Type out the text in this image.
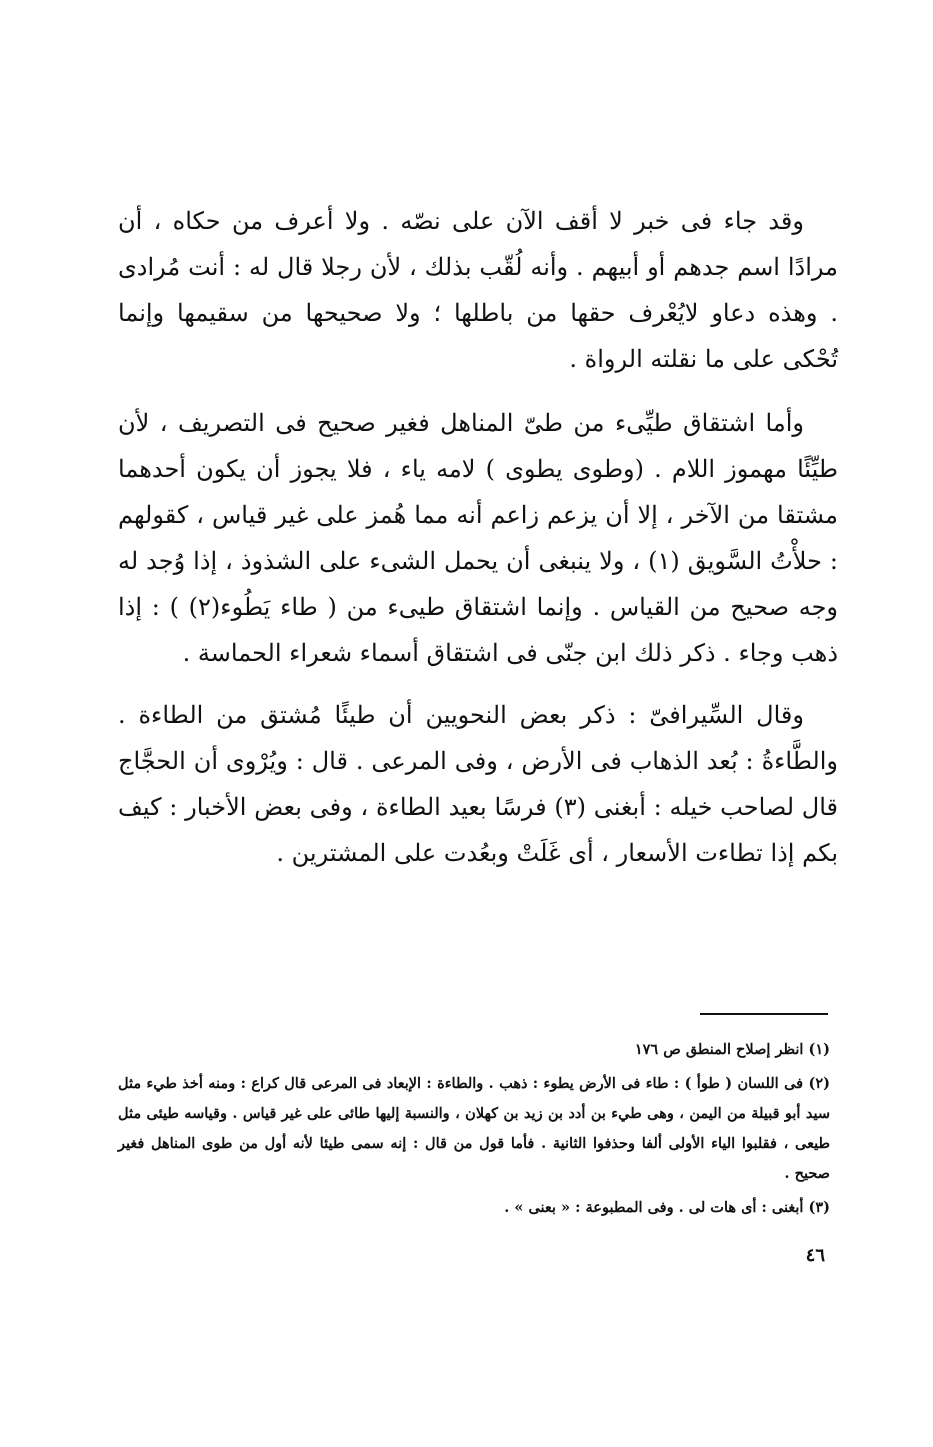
وقد جاء فى خبر لا أقف الآن على نصّه . ولا أعرف من حكاه ، أن مرادًا اسم جدهم أو أبيهم . وأنه لُقّب بذلك ، لأن رجلا قال له : أنت مُرادى . وهذه دعاو لايُعْرف حقها من باطلها ؛ ولا صحيحها من سقيمها وإنما تُحْكى على ما نقلته الرواة .

وأما اشتقاق طيِّىء من طىّ المناهل فغير صحيح فى التصريف ، لأن طيِّئًا مهموز اللام . (وطوى يطوى ) لامه ياء ، فلا يجوز أن يكون أحدهما مشتقا من الآخر ، إلا أن يزعم زاعم أنه مما هُمز على غير قياس ، كقولهم : حلأْتُ السَّويق (١) ، ولا ينبغى أن يحمل الشىء على الشذوذ ، إذا وُجد له وجه صحيح من القياس . وإنما اشتقاق طيىء من ( طاء يَطُوء(٢) ) : إذا ذهب وجاء . ذكر ذلك ابن جنّى فى اشتقاق أسماء شعراء الحماسة .

وقال السِّيرافىّ : ذكر بعض النحويين أن طيئًا مُشتق من الطاءة . والطَّاءةُ : بُعد الذهاب فى الأرض ، وفى المرعى . قال : ويُرْوى أن الحجَّاج قال لصاحب خيله : أبغنى (٣) فرسًا بعيد الطاءة ، وفى بعض الأخبار : كيف بكم إذا تطاءت الأسعار ، أى غَلَتْ وبعُدت على المشترين .

(١) انظر إصلاح المنطق ص ١٧٦

(٢) فى اللسان ( طوأ ) : طاء فى الأرض يطوء : ذهب . والطاءة : الإبعاد فى المرعى قال كراع : ومنه أخذ طيء مثل سيد أبو قبيلة من اليمن ، وهى طيء بن أدد بن زيد بن كهلان ، والنسبة إليها طائى على غير قياس . وقياسه طيئى مثل طيعى ، فقلبوا الياء الأولى ألفا وحذفوا الثانية . فأما قول من قال : إنه سمى طيئا لأنه أول من طوى المناهل فغير صحيح .

(٣) أبغنى : أى هات لى . وفى المطبوعة : « بعنى » .

٤٦
